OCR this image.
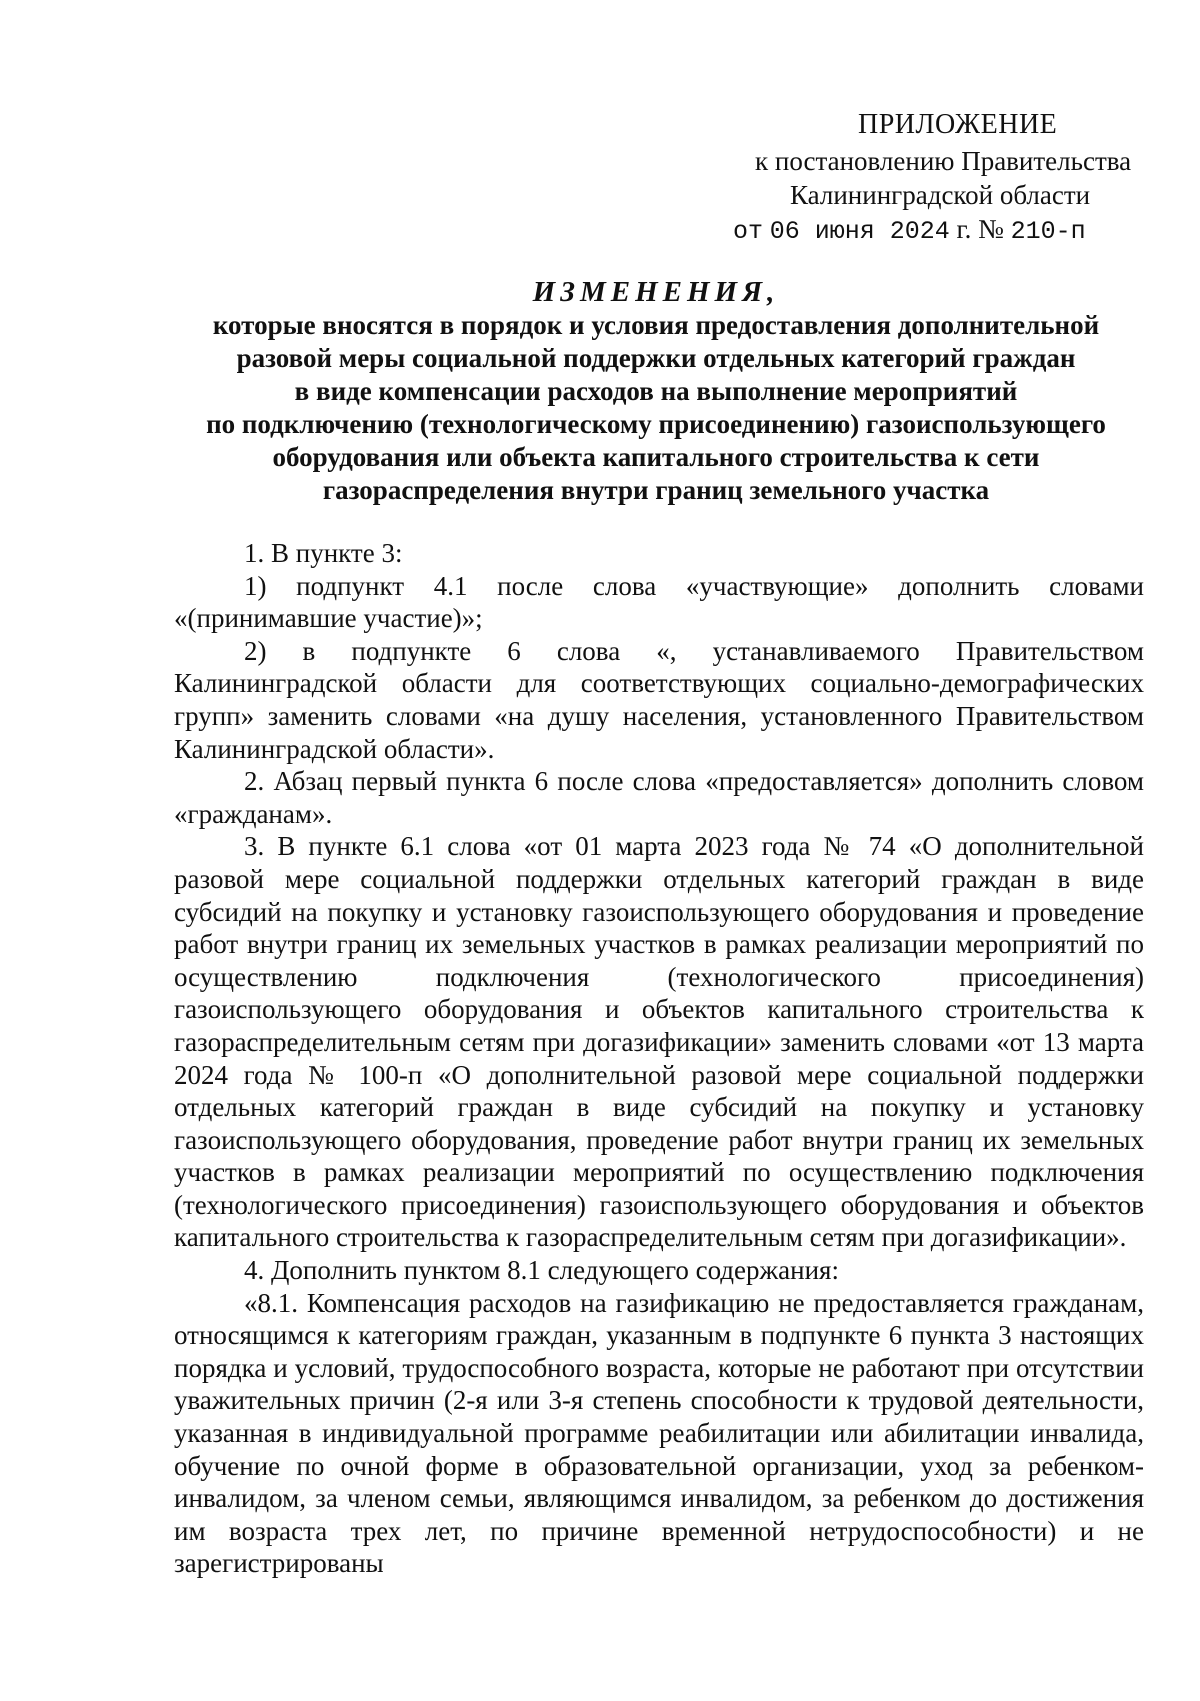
ПРИЛОЖЕНИЕ
к постановлению Правительства
Калининградской области
от 06 июня 2024 г. № 210-п
ИЗМЕНЕНИЯ,
которые вносятся в порядок и условия предоставления дополнительной
разовой меры социальной поддержки отдельных категорий граждан
в виде компенсации расходов на выполнение мероприятий
по подключению (технологическому присоединению) газоиспользующего
оборудования или объекта капитального строительства к сети
газораспределения внутри границ земельного участка

1. В пункте 3:

1) подпункт 4.1 после слова «участвующие» дополнить словами «(принимавшие участие)»;

2) в подпункте 6 слова «, устанавливаемого Правительством Калининградской области для соответствующих социально-демографических групп» заменить словами «на душу населения, установленного Правительством Калининградской области».

2. Абзац первый пункта 6 после слова «предоставляется» дополнить словом «гражданам».

3. В пункте 6.1 слова «от 01 марта 2023 года № 74 «О дополнительной разовой мере социальной поддержки отдельных категорий граждан в виде субсидий на покупку и установку газоиспользующего оборудования и проведение работ внутри границ их земельных участков в рамках реализации мероприятий по осуществлению подключения (технологического присоединения) газоиспользующего оборудования и объектов капитального строительства к газораспределительным сетям при догазификации» заменить словами «от 13 марта 2024 года № 100-п «О дополнительной разовой мере социальной поддержки отдельных категорий граждан в виде субсидий на покупку и установку газоиспользующего оборудования, проведение работ внутри границ их земельных участков в рамках реализации мероприятий по осуществлению подключения (технологического присоединения) газоиспользующего оборудования и объектов капитального строительства к газораспределительным сетям при догазификации».

4. Дополнить пунктом 8.1 следующего содержания:

«8.1. Компенсация расходов на газификацию не предоставляется гражданам, относящимся к категориям граждан, указанным в подпункте 6 пункта 3 настоящих порядка и условий, трудоспособного возраста, которые не работают при отсутствии уважительных причин (2-я или 3-я степень способности к трудовой деятельности, указанная в индивидуальной программе реабилитации или абилитации инвалида, обучение по очной форме в образовательной организации, уход за ребенком-инвалидом, за членом семьи, являющимся инвалидом, за ребенком до достижения им возраста трех лет, по причине временной нетрудоспособности) и не зарегистрированы
